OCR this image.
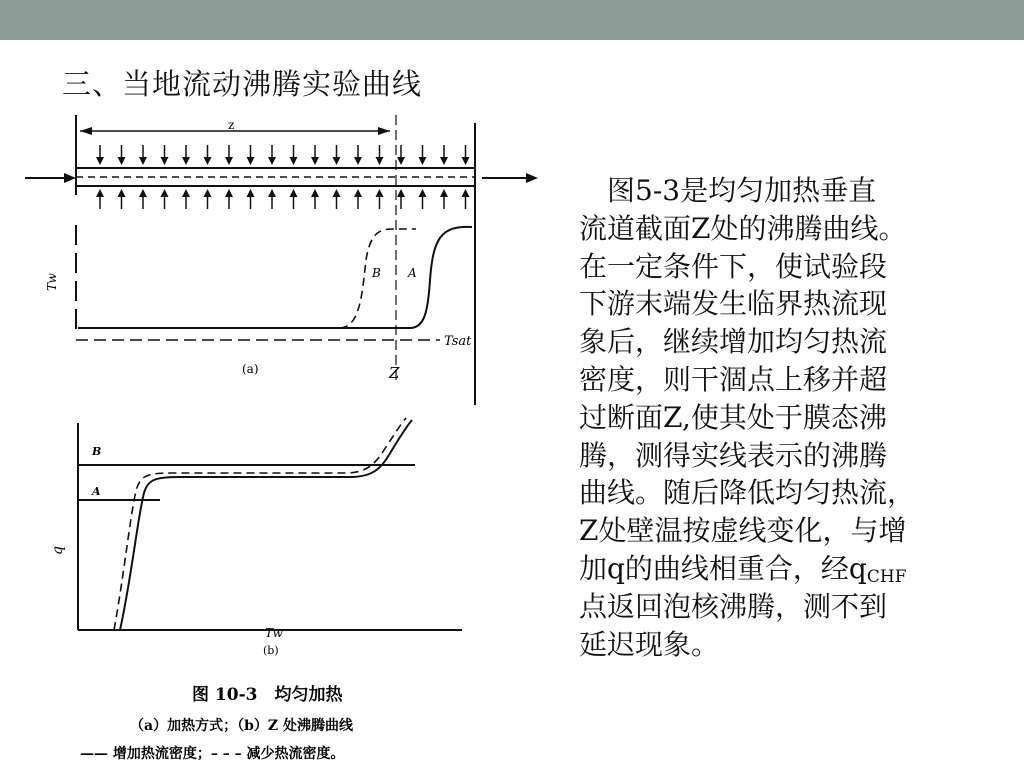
三、当地流动沸腾实验曲线
z
Tw
B A
Tsat
(a)	Z
q
Tw
(b)
B
A
图 10-3　均匀加热
（a）加热方式；（b）Z 处沸腾曲线
—— 增加热流密度；– – – 减少热流密度。
　图5-3是均匀加热垂直
流道截面Z处的沸腾曲线。
在一定条件下，使试验段
下游末端发生临界热流现
象后，继续增加均匀热流
密度，则干涸点上移并超
过断面Z,使其处于膜态沸
腾，测得实线表示的沸腾
曲线。随后降低均匀热流，
Z处壁温按虚线变化，与增
加q的曲线相重合，经$q_{CHF}$
点返回泡核沸腾，测不到
延迟现象。
